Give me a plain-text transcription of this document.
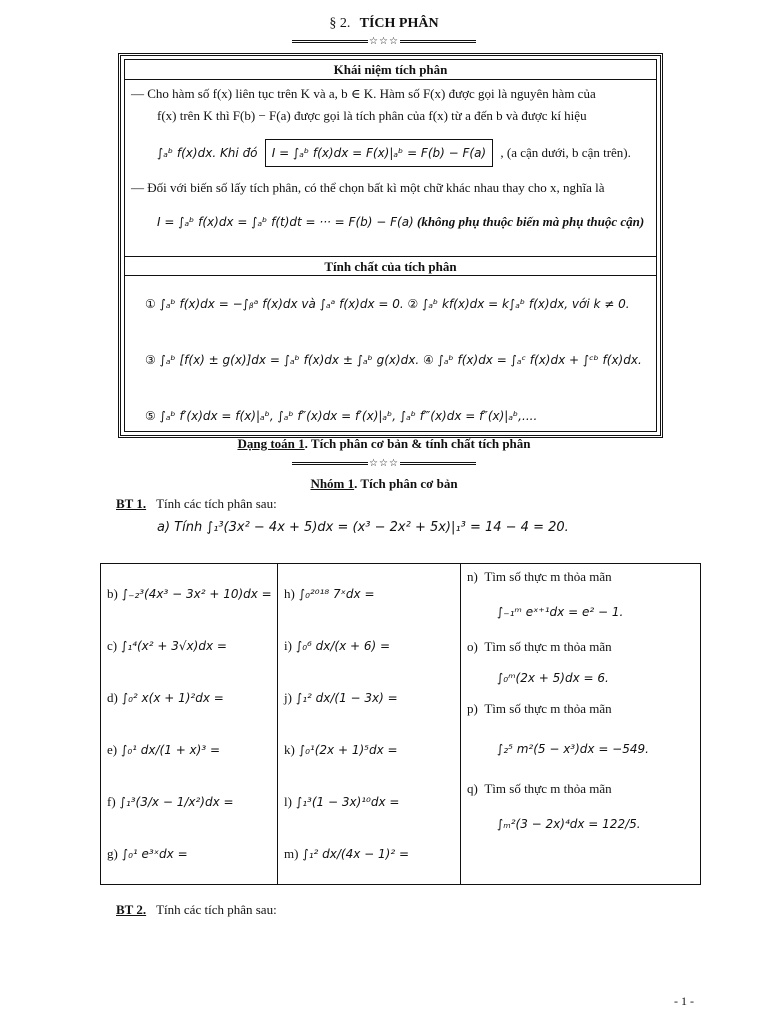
§ 2. TÍCH PHÂN
☆☆☆
Khái niệm tích phân
— Cho hàm số f(x) liên tục trên K và a, b ∈ K. Hàm số F(x) được gọi là nguyên hàm của
f(x) trên K thì F(b) − F(a) được gọi là tích phân của f(x) từ a đến b và được kí hiệu
∫ₐᵇ f(x)dx. Khi đó I = ∫ₐᵇ f(x)dx = F(x)|ₐᵇ = F(b) − F(a) , (a cận dưới, b cận trên).
— Đối với biến số lấy tích phân, có thể chọn bất kì một chữ khác nhau thay cho x, nghĩa là
I = ∫ₐᵇ f(x)dx = ∫ₐᵇ f(t)dt = ··· = F(b) − F(a) (không phụ thuộc biến mà phụ thuộc cận)
Tính chất của tích phân
① ∫ₐᵇ f(x)dx = −∫ᵦᵃ f(x)dx và ∫ₐᵃ f(x)dx = 0. ② ∫ₐᵇ kf(x)dx = k∫ₐᵇ f(x)dx, với k ≠ 0.
③ ∫ₐᵇ [f(x) ± g(x)]dx = ∫ₐᵇ f(x)dx ± ∫ₐᵇ g(x)dx. ④ ∫ₐᵇ f(x)dx = ∫ₐᶜ f(x)dx + ∫ᶜᵇ f(x)dx.
⑤ ∫ₐᵇ f′(x)dx = f(x)|ₐᵇ, ∫ₐᵇ f″(x)dx = f′(x)|ₐᵇ, ∫ₐᵇ f‴(x)dx = f″(x)|ₐᵇ,....
Dạng toán 1. Tích phân cơ bản & tính chất tích phân
☆☆☆
Nhóm 1. Tích phân cơ bản
BT 1. Tính các tích phân sau:
a) Tính ∫₁³(3x² − 4x + 5)dx = (x³ − 2x² + 5x)|₁³ = 14 − 4 = 20.
b) ∫₋₂³(4x³ − 3x² + 10)dx =
c) ∫₁⁴(x² + 3√x)dx =
d) ∫₀² x(x + 1)²dx =
e) ∫₀¹ dx/(1 + x)³ =
f) ∫₁³(3/x − 1/x²)dx =
g) ∫₀¹ e³ˣdx =

h) ∫₀²⁰¹⁸ 7ˣdx =
i) ∫₀⁶ dx/(x + 6) =
j) ∫₁² dx/(1 − 3x) =
k) ∫₀¹(2x + 1)⁵dx =
l) ∫₁³(1 − 3x)¹⁰dx =
m) ∫₁² dx/(4x − 1)² =

n) Tìm số thực m thỏa mãn
∫₋₁ᵐ eˣ⁺¹dx = e² − 1.
o) Tìm số thực m thỏa mãn
∫₀ᵐ(2x + 5)dx = 6.
p) Tìm số thực m thỏa mãn
∫₂⁵ m²(5 − x³)dx = −549.
q) Tìm số thực m thỏa mãn
∫ₘ²(3 − 2x)⁴dx = 122/5.
BT 2. Tính các tích phân sau:
- 1 -
